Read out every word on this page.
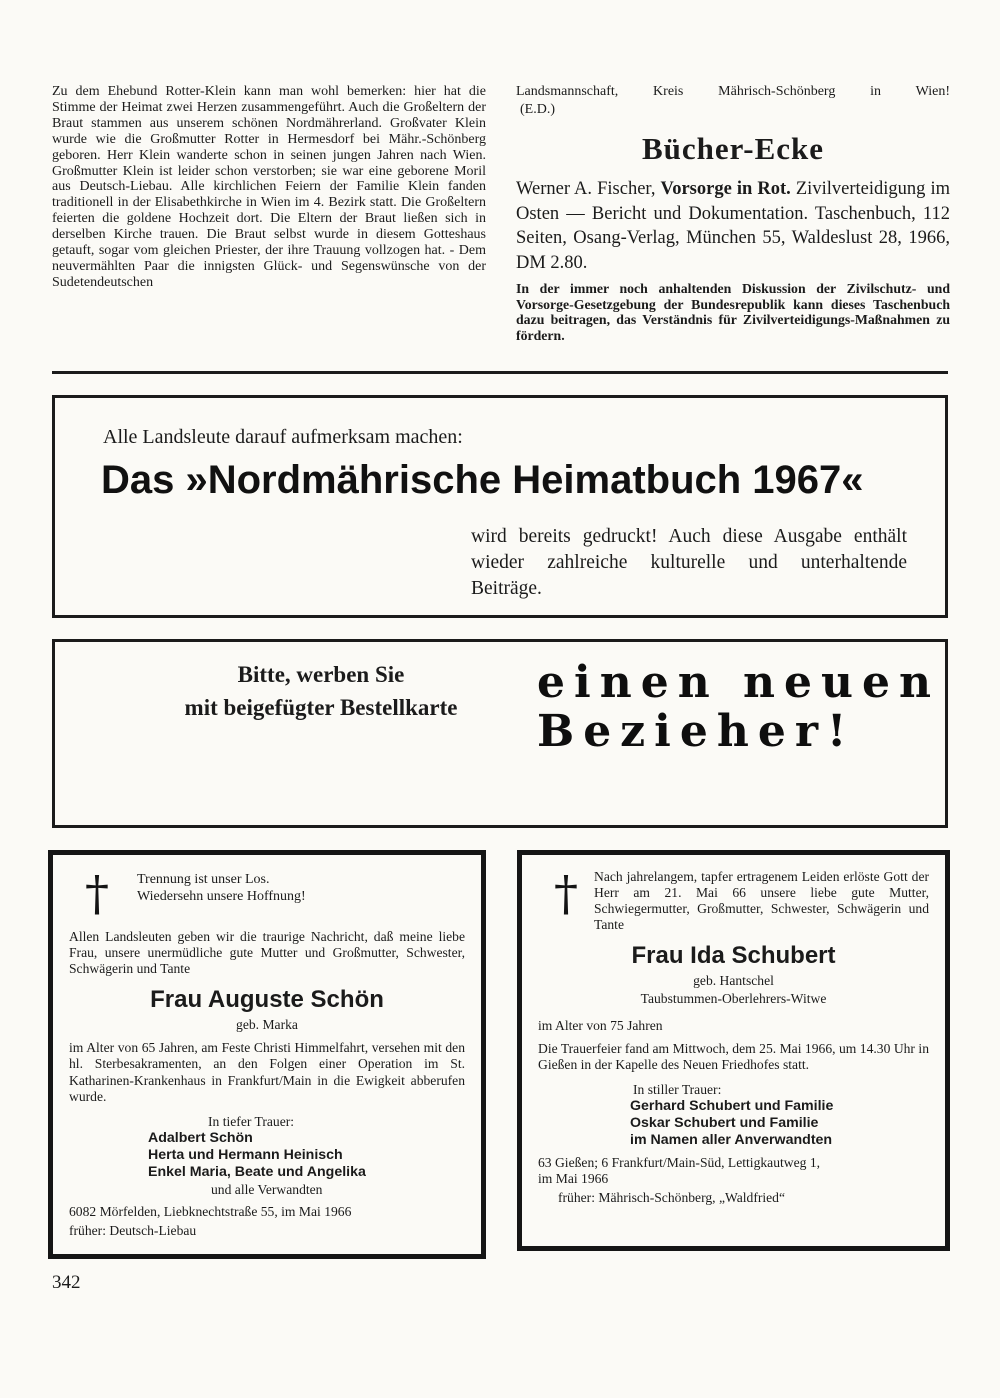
Zu dem Ehebund Rotter-Klein kann man wohl bemerken: hier hat die Stimme der Heimat zwei Herzen zusammengeführt. Auch die Großeltern der Braut stammen aus unserem schönen Nordmährerland. Großvater Klein wurde wie die Großmutter Rotter in Hermesdorf bei Mähr.-Schönberg geboren. Herr Klein wanderte schon in seinen jungen Jahren nach Wien. Großmutter Klein ist leider schon verstorben; sie war eine geborene Moril aus Deutsch-Liebau. Alle kirchlichen Feiern der Familie Klein fanden traditionell in der Elisabethkirche in Wien im 4. Bezirk statt. Die Großeltern feierten die goldene Hochzeit dort. Die Eltern der Braut ließen sich in derselben Kirche trauen. Die Braut selbst wurde in diesem Gotteshaus getauft, sogar vom gleichen Priester, der ihre Trauung vollzogen hat. - Dem neuvermählten Paar die innigsten Glück- und Segenswünsche von der Sudetendeutschen
Landsmannschaft, Kreis Mährisch-Schönberg in Wien!
(E.D.)
Bücher-Ecke

Werner A. Fischer, Vorsorge in Rot. Zivilverteidigung im Osten — Bericht und Dokumentation. Taschenbuch, 112 Seiten, Osang-Verlag, München 55, Waldeslust 28, 1966, DM 2.80.

In der immer noch anhaltenden Diskussion der Zivilschutz- und Vorsorge-Gesetzgebung der Bundesrepublik kann dieses Taschenbuch dazu beitragen, das Verständnis für Zivilverteidigungs-Maßnahmen zu fördern.

Alle Landsleute darauf aufmerksam machen:
Das »Nordmährische Heimatbuch 1967«
wird bereits gedruckt! Auch diese Ausgabe enthält wieder zahlreiche kulturelle und unterhaltende Beiträge.
Bitte, werben Sie
mit beigefügter Bestellkarte	einen neuen
Bezieher!
†	Trennung ist unser Los.
Wiedersehn unsere Hoffnung!

Allen Landsleuten geben wir die traurige Nachricht, daß meine liebe Frau, unsere unermüdliche gute Mutter und Großmutter, Schwester, Schwägerin und Tante

Frau Auguste Schön
geb. Marka

im Alter von 65 Jahren, am Feste Christi Himmelfahrt, versehen mit den hl. Sterbesakramenten, an den Folgen einer Operation im St. Katharinen-Krankenhaus in Frankfurt/Main in die Ewigkeit abberufen wurde.

In tiefer Trauer:
Adalbert Schön
Herta und Hermann Heinisch
Enkel Maria, Beate und Angelika
und alle Verwandten
6082 Mörfelden, Liebknechtstraße 55, im Mai 1966
früher: Deutsch-Liebau
†	Nach jahrelangem, tapfer ertragenem Leiden erlöste Gott der Herr am 21. Mai 66 unsere liebe gute Mutter, Schwiegermutter, Großmutter, Schwester, Schwägerin und Tante

Frau Ida Schubert
geb. Hantschel
Taubstummen-Oberlehrers-Witwe
im Alter von 75 Jahren

Die Trauerfeier fand am Mittwoch, dem 25. Mai 1966, um 14.30 Uhr in Gießen in der Kapelle des Neuen Friedhofes statt.

In stiller Trauer:
Gerhard Schubert und Familie
Oskar Schubert und Familie
im Namen aller Anverwandten
63 Gießen; 6 Frankfurt/Main-Süd, Lettigkautweg 1,
im Mai 1966
früher: Mährisch-Schönberg, „Waldfried“
342
